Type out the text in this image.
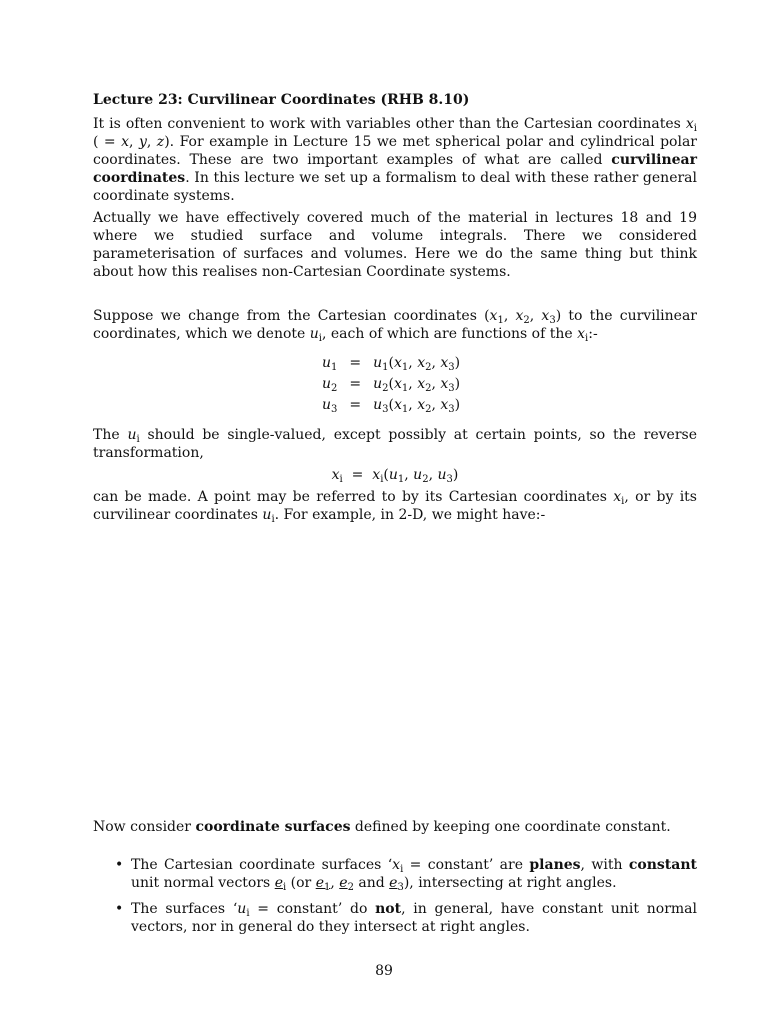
Lecture 23: Curvilinear Coordinates (RHB 8.10)

It is often convenient to work with variables other than the Cartesian coordinates $x_i$ ( = x, y, z). For example in Lecture 15 we met spherical polar and cylindrical polar coordinates. These are two important examples of what are called curvilinear coordinates. In this lecture we set up a formalism to deal with these rather general coordinate systems.

Actually we have effectively covered much of the material in lectures 18 and 19 where we studied surface and volume integrals. There we considered parameterisation of surfaces and volumes. Here we do the same thing but think about how this realises non-Cartesian Coordinate systems.

Suppose we change from the Cartesian coordinates ($x_1$, $x_2$, $x_3$) to the curvilinear coordinates, which we denote $u_i$, each of which are functions of the $x_i:-$

$u_1$	=	$u_1(x_1$, $x_2$, $x_3$)
$u_2$	=	$u_2(x_1$, $x_2$, $x_3$)
$u_3$	=	$u_3(x_1$, $x_2$, $x_3$)

The $u_i$ should be single-valued, except possibly at certain points, so the reverse transformation,

$x_i = x_i(u_1$, $u_2$, $u_3$)

can be made. A point may be referred to by its Cartesian coordinates $x_i$, or by its curvilinear coordinates $u_i$. For example, in 2-D, we might have:-

Now consider coordinate surfaces defined by keeping one coordinate constant.

• The Cartesian coordinate surfaces ‘$x_i$ = constant’ are planes, with constant unit normal vectors $e_i$ (or $e_1$, $e_2$ and $e_3$), intersecting at right angles.
• The surfaces ‘$u_i$ = constant’ do not, in general, have constant unit normal vectors, nor in general do they intersect at right angles.
89
